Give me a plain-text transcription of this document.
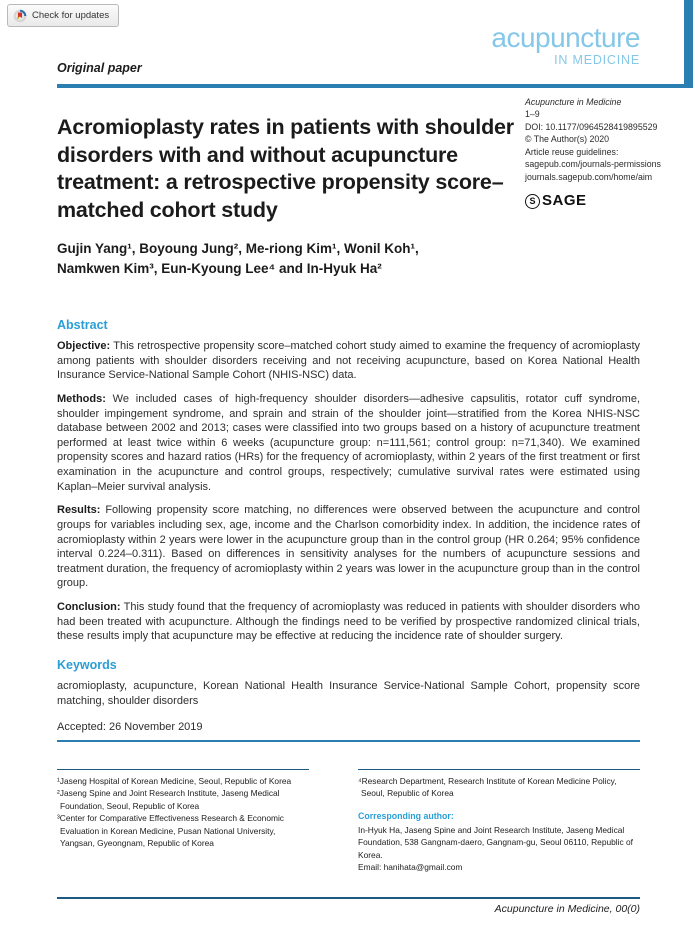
Check for updates
acupuncture
IN MEDICINE
Original paper
Acromioplasty rates in patients with shoulder disorders with and without acupuncture treatment: a retrospective propensity score–matched cohort study
Acupuncture in Medicine
1–9
DOI: 10.1177/0964528419895529
© The Author(s) 2020
Article reuse guidelines:
sagepub.com/journals-permissions
journals.sagepub.com/home/aim
S SAGE
Gujin Yang¹, Boyoung Jung², Me-riong Kim¹, Wonil Koh¹,
Namkwen Kim³, Eun-Kyoung Lee⁴ and In-Hyuk Ha²
Abstract

Objective: This retrospective propensity score–matched cohort study aimed to examine the frequency of acromioplasty among patients with shoulder disorders receiving and not receiving acupuncture, based on Korea National Health Insurance Service-National Sample Cohort (NHIS-NSC) data.

Methods: We included cases of high-frequency shoulder disorders—adhesive capsulitis, rotator cuff syndrome, shoulder impingement syndrome, and sprain and strain of the shoulder joint—stratified from the Korea NHIS-NSC database between 2002 and 2013; cases were classified into two groups based on a history of acupuncture treatment performed at least twice within 6 weeks (acupuncture group: n=111,561; control group: n=71,340). We examined propensity scores and hazard ratios (HRs) for the frequency of acromioplasty, within 2 years of the first treatment or first examination in the acupuncture and control groups, respectively; cumulative survival rates were estimated using Kaplan–Meier survival analysis.

Results: Following propensity score matching, no differences were observed between the acupuncture and control groups for variables including sex, age, income and the Charlson comorbidity index. In addition, the incidence rates of acromioplasty within 2 years were lower in the acupuncture group than in the control group (HR 0.264; 95% confidence interval 0.224–0.311). Based on differences in sensitivity analyses for the numbers of acupuncture sessions and treatment duration, the frequency of acromioplasty within 2 years was lower in the acupuncture group than in the control group.

Conclusion: This study found that the frequency of acromioplasty was reduced in patients with shoulder disorders who had been treated with acupuncture. Although the findings need to be verified by prospective randomized clinical trials, these results imply that acupuncture may be effective at reducing the incidence rate of shoulder surgery.

Keywords
acromioplasty, acupuncture, Korean National Health Insurance Service-National Sample Cohort, propensity score matching, shoulder disorders
Accepted: 26 November 2019
¹Jaseng Hospital of Korean Medicine, Seoul, Republic of Korea
²Jaseng Spine and Joint Research Institute, Jaseng Medical Foundation, Seoul, Republic of Korea
³Center for Comparative Effectiveness Research & Economic Evaluation in Korean Medicine, Pusan National University, Yangsan, Gyeongnam, Republic of Korea
⁴Research Department, Research Institute of Korean Medicine Policy, Seoul, Republic of Korea
Corresponding author:
In-Hyuk Ha, Jaseng Spine and Joint Research Institute, Jaseng Medical Foundation, 538 Gangnam-daero, Gangnam-gu, Seoul 06110, Republic of Korea.
Email: hanihata@gmail.com
Acupuncture in Medicine, 00(0)
